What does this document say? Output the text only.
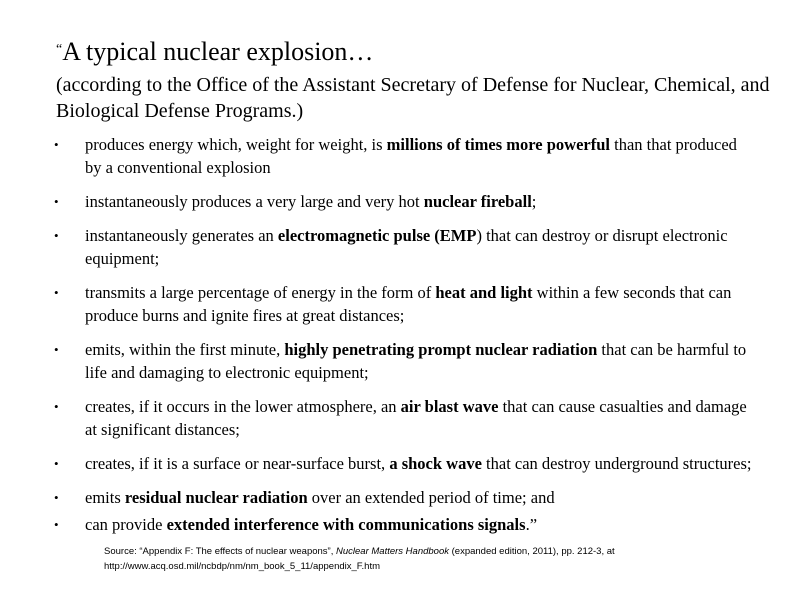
“A typical nuclear explosion…
(according to the Office of the Assistant Secretary of Defense for Nuclear, Chemical, and Biological Defense Programs.)
• produces energy which, weight for weight, is millions of times more powerful than that produced by a conventional explosion
• instantaneously produces a very large and very hot nuclear fireball;
• instantaneously generates an electromagnetic pulse (EMP) that can destroy or disrupt electronic equipment;
• transmits a large percentage of energy in the form of heat and light within a few seconds that can produce burns and ignite fires at great distances;
• emits, within the first minute, highly penetrating prompt nuclear radiation that can be harmful to life and damaging to electronic equipment;
• creates, if it occurs in the lower atmosphere, an air blast wave that can cause casualties and damage at significant distances;
• creates, if it is a surface or near-surface burst, a shock wave that can destroy underground structures;
• emits residual nuclear radiation over an extended period of time; and
• can provide extended interference with communications signals.”
Source: “Appendix F: The effects of nuclear weapons”, Nuclear Matters Handbook (expanded edition, 2011), pp. 212-3, at http://www.acq.osd.mil/ncbdp/nm/nm_book_5_11/appendix_F.htm
